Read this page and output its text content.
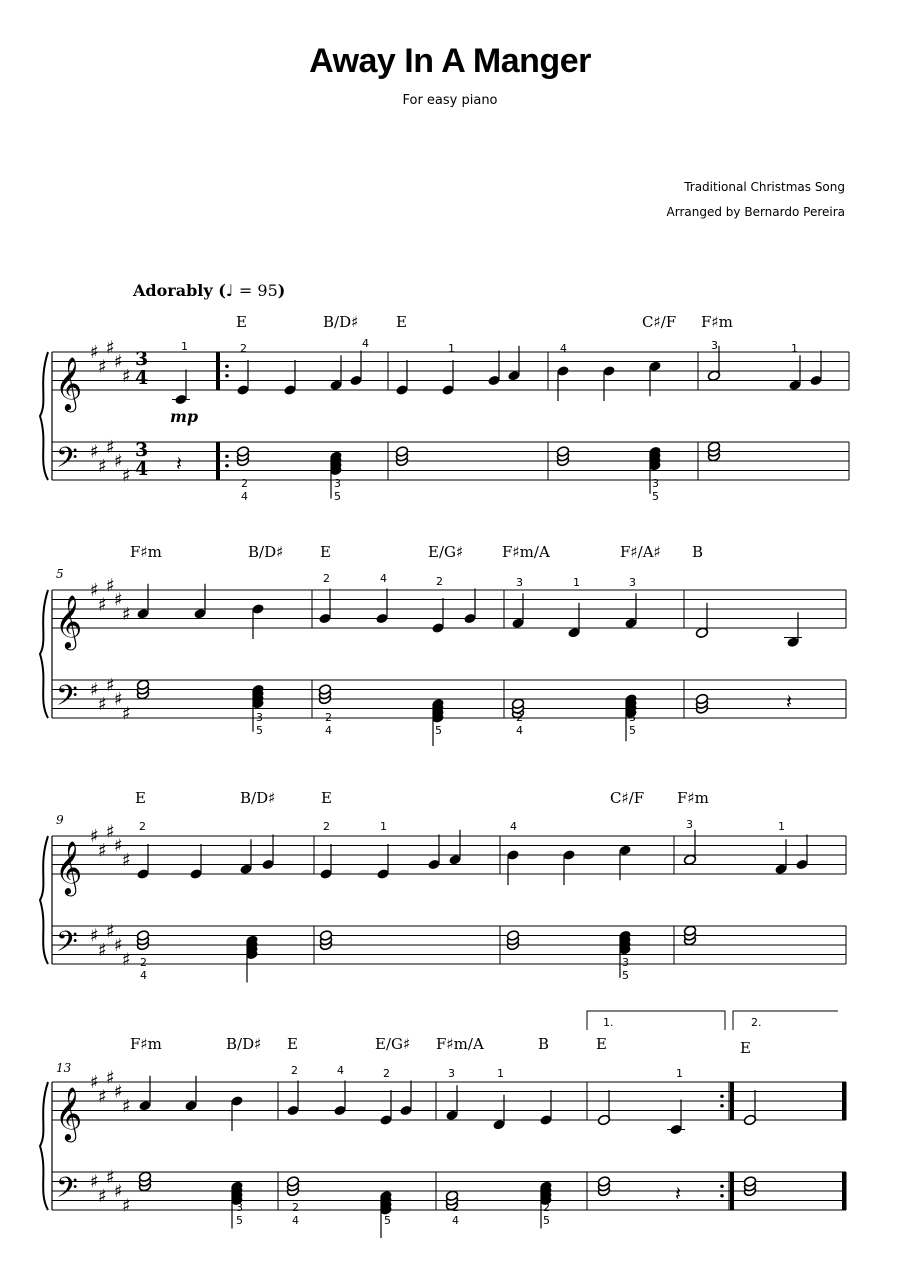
Away In A Manger
For easy piano
Traditional Christmas Song
Arranged by Bernardo Pereira
Adorably (♩ = 95)
𝄞
𝄢
♯
♯
♯
♯
♯
♯
♯
♯
♯
♯
𝄞
𝄢
♯
♯
♯
♯
♯
♯
♯
♯
♯
♯
𝄞
𝄢
♯
♯
♯
♯
♯
♯
♯
♯
♯
♯
𝄞
𝄢
♯
♯
♯
♯
♯
♯
♯
♯
♯
♯
𝄽
𝄽
𝄽
E	B/D♯	E	C♯/F F♯m
1	2	4	1	4	3	1
2
4
3
5
3
5
mp
5
F♯m	B/D♯ E	E/G♯	F♯m/A	F♯/A♯ B
2	4	2	3	1	3
3
5
2
4
3
5
2
4
3
5
9
E	B/D♯	E	C♯/F F♯m
2	2	1	4	3	1
2
4
3
5
13
F♯m	B/D♯ E	E/G♯ F♯m/A	B	E	E
2	4	2	3	1	1
3
5
2
4
3
5
2
4
2
5
1.	2.
3
4
3
4
